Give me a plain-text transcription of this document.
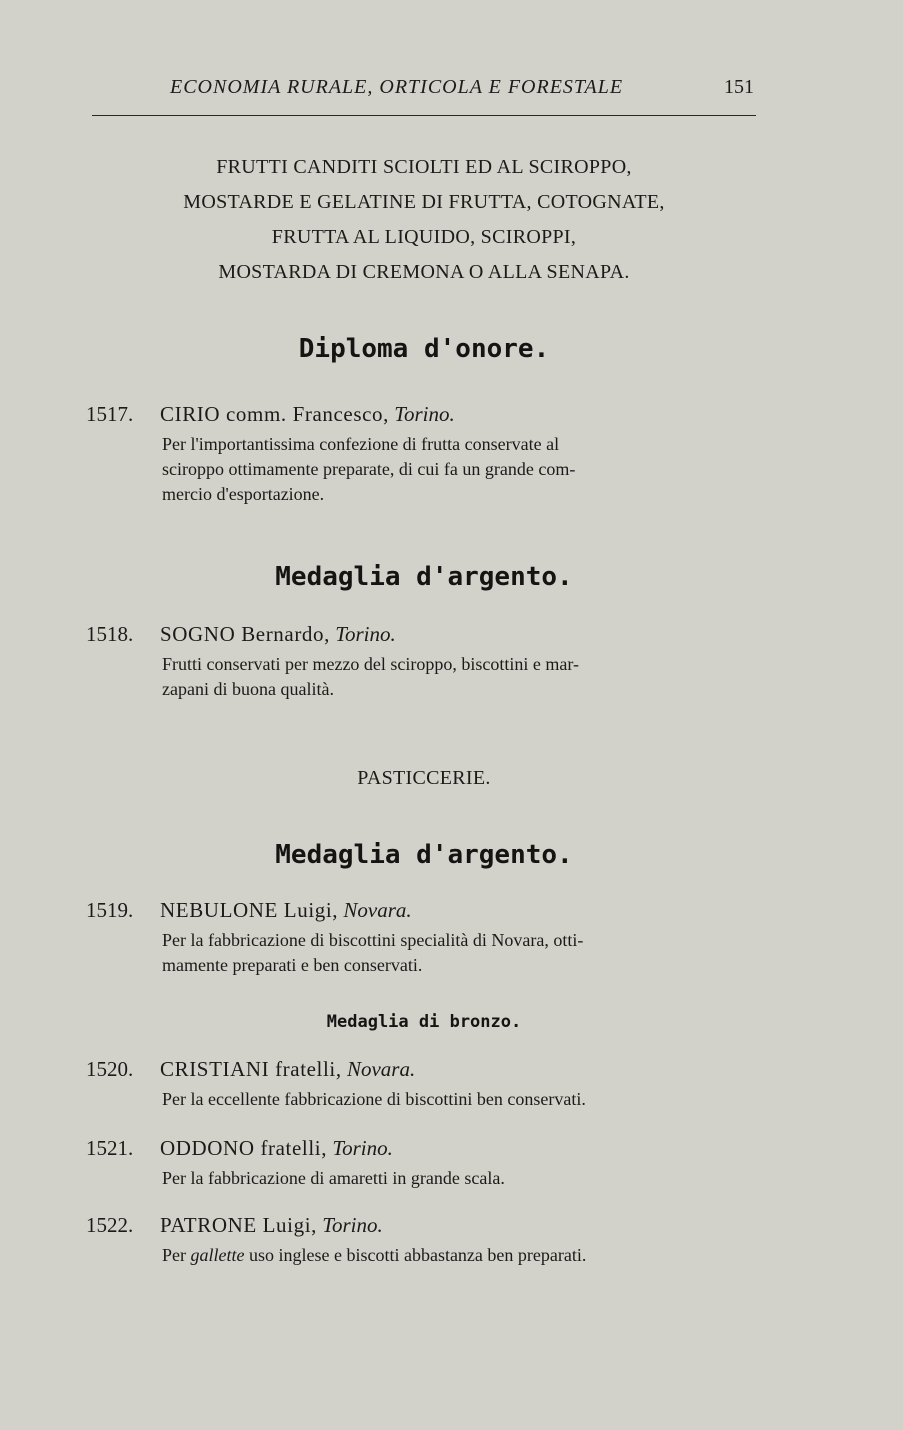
ECONOMIA RURALE, ORTICOLA E FORESTALE	151
FRUTTI CANDITI SCIOLTI ED AL SCIROPPO,
MOSTARDE E GELATINE DI FRUTTA, COTOGNATE,
FRUTTA AL LIQUIDO, SCIROPPI,
MOSTARDA DI CREMONA O ALLA SENAPA.
Diploma d'onore.
1517. CIRIO comm. Francesco, Torino.
Per l'importantissima confezione di frutta conservate al
sciroppo ottimamente preparate, di cui fa un grande com-
mercio d'esportazione.
Medaglia d'argento.
1518. SOGNO Bernardo, Torino.
Frutti conservati per mezzo del sciroppo, biscottini e mar-
zapani di buona qualità.
PASTICCERIE.
Medaglia d'argento.
1519. NEBULONE Luigi, Novara.
Per la fabbricazione di biscottini specialità di Novara, otti-
mamente preparati e ben conservati.
Medaglia di bronzo.
1520. CRISTIANI fratelli, Novara.
Per la eccellente fabbricazione di biscottini ben conservati.
1521. ODDONO fratelli, Torino.
Per la fabbricazione di amaretti in grande scala.
1522. PATRONE Luigi, Torino.
Per gallette uso inglese e biscotti abbastanza ben preparati.
